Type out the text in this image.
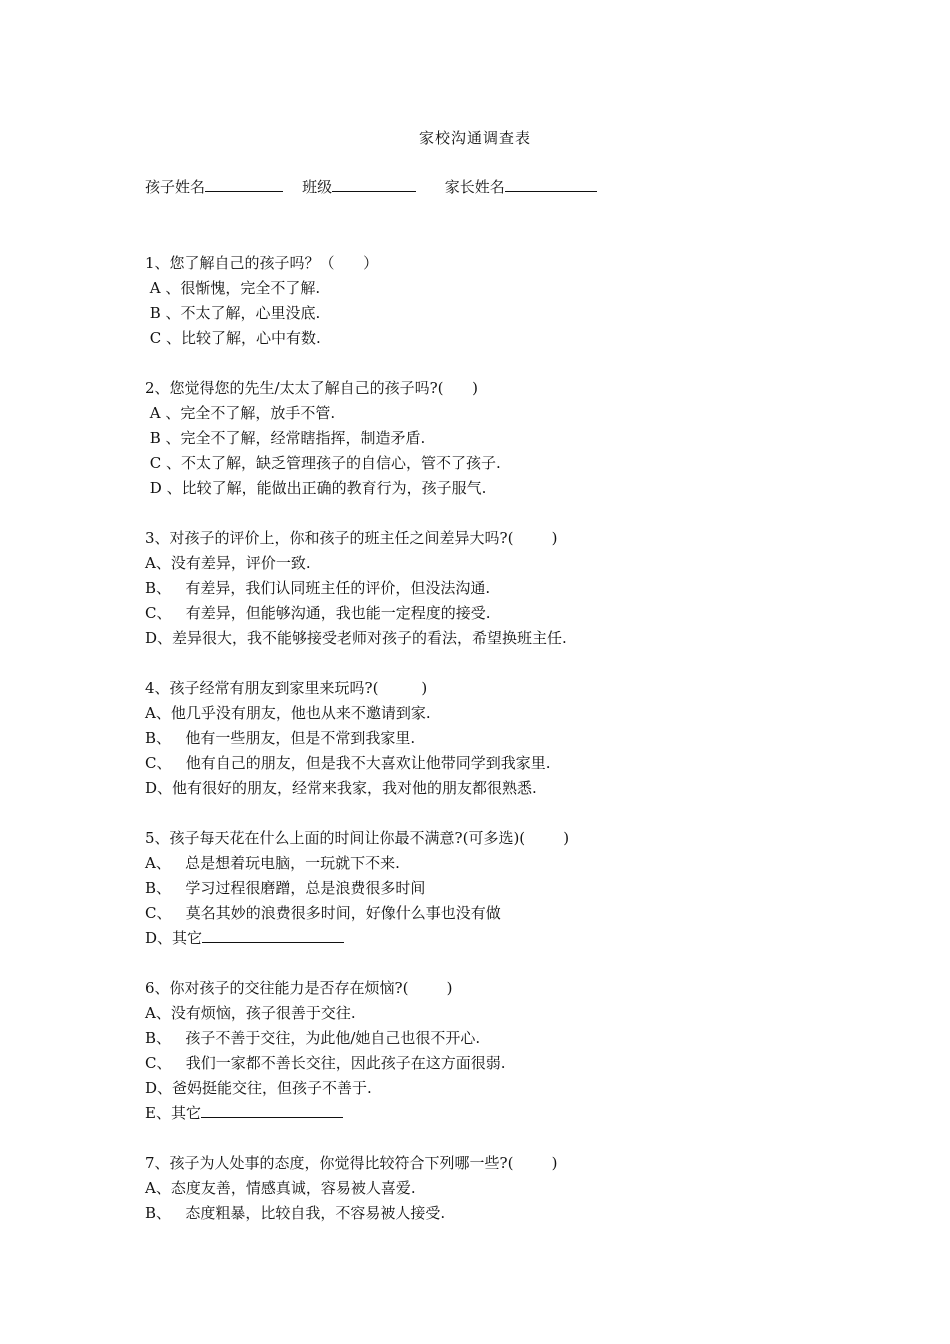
家校沟通调查表
孩子姓名	班级	家长姓名
1、您了解自己的孩子吗？（      ）
A 、很惭愧，完全不了解.
B 、不太了解，心里没底.
C 、比较了解，心中有数.
2、您觉得您的先生/太太了解自己的孩子吗?(      )
A 、完全不了解，放手不管.
B 、完全不了解，经常瞎指挥，制造矛盾.
C 、不太了解，缺乏管理孩子的自信心，管不了孩子.
D 、比较了解，能做出正确的教育行为，孩子服气.
3、对孩子的评价上，你和孩子的班主任之间差异大吗?(        )
A、没有差异，评价一致.
B、   有差异，我们认同班主任的评价，但没法沟通.
C、   有差异，但能够沟通，我也能一定程度的接受.
D、差异很大，我不能够接受老师对孩子的看法，希望换班主任.
4、孩子经常有朋友到家里来玩吗?(         )
A、他几乎没有朋友，他也从来不邀请到家.
B、   他有一些朋友，但是不常到我家里.
C、   他有自己的朋友，但是我不大喜欢让他带同学到我家里.
D、他有很好的朋友，经常来我家，我对他的朋友都很熟悉.
5、孩子每天花在什么上面的时间让你最不满意?(可多选)(        )
A、   总是想着玩电脑，一玩就下不来.
B、   学习过程很磨蹭，总是浪费很多时间
C、   莫名其妙的浪费很多时间，好像什么事也没有做
D、其它
6、你对孩子的交往能力是否存在烦恼?(        )
A、没有烦恼，孩子很善于交往.
B、   孩子不善于交往，为此他/她自己也很不开心.
C、   我们一家都不善长交往，因此孩子在这方面很弱.
D、爸妈挺能交往，但孩子不善于.
E、其它
7、孩子为人处事的态度，你觉得比较符合下列哪一些?(        )
A、态度友善，情感真诚，容易被人喜爱.
B、   态度粗暴，比较自我，不容易被人接受.
